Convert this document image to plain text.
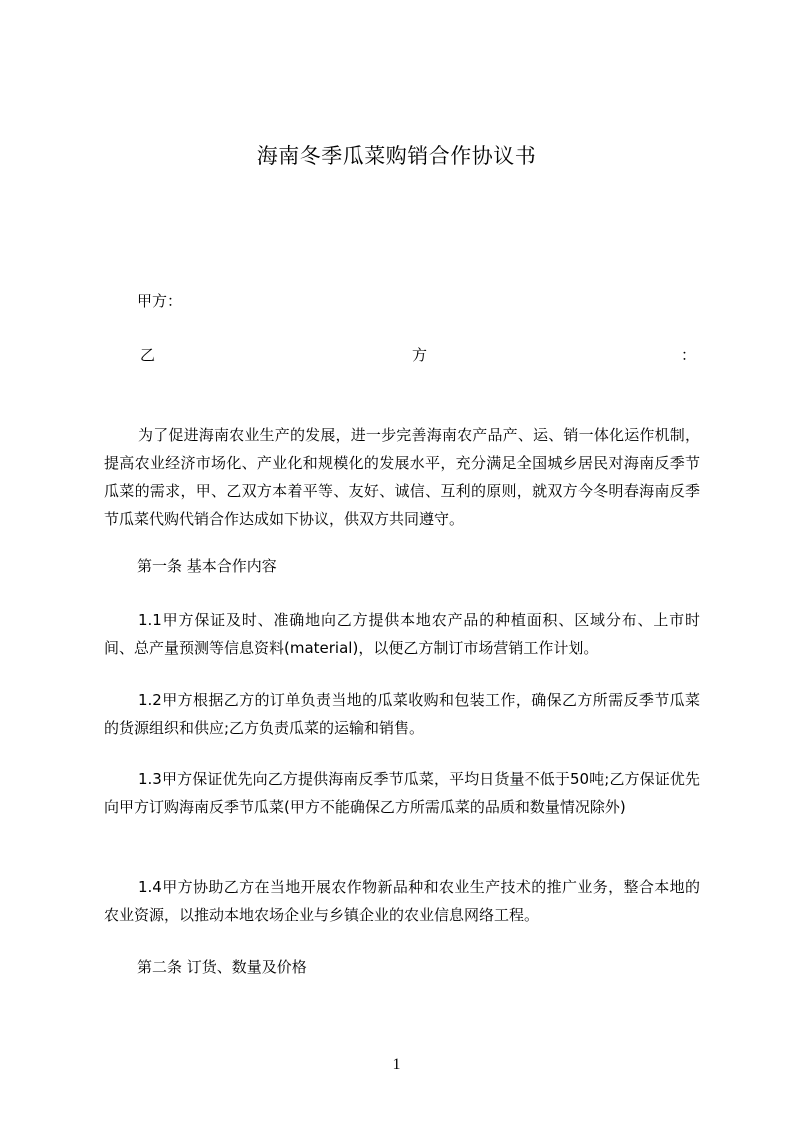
海南冬季瓜菜购销合作协议书
甲方：
乙	方	：

为了促进海南农业生产的发展，进一步完善海南农产品产、运、销一体化运作机制，提高农业经济市场化、产业化和规模化的发展水平，充分满足全国城乡居民对海南反季节瓜菜的需求，甲、乙双方本着平等、友好、诚信、互利的原则，就双方今冬明春海南反季节瓜菜代购代销合作达成如下协议，供双方共同遵守。

第一条 基本合作内容

1.1甲方保证及时、准确地向乙方提供本地农产品的种植面积、区域分布、上市时间、总产量预测等信息资料(material)，以便乙方制订市场营销工作计划。

1.2甲方根据乙方的订单负责当地的瓜菜收购和包装工作，确保乙方所需反季节瓜菜的货源组织和供应;乙方负责瓜菜的运输和销售。

1.3甲方保证优先向乙方提供海南反季节瓜菜，平均日货量不低于50吨;乙方保证优先向甲方订购海南反季节瓜菜(甲方不能确保乙方所需瓜菜的品质和数量情况除外)

1.4甲方协助乙方在当地开展农作物新品种和农业生产技术的推广业务，整合本地的农业资源，以推动本地农场企业与乡镇企业的农业信息网络工程。

第二条 订货、数量及价格

1
